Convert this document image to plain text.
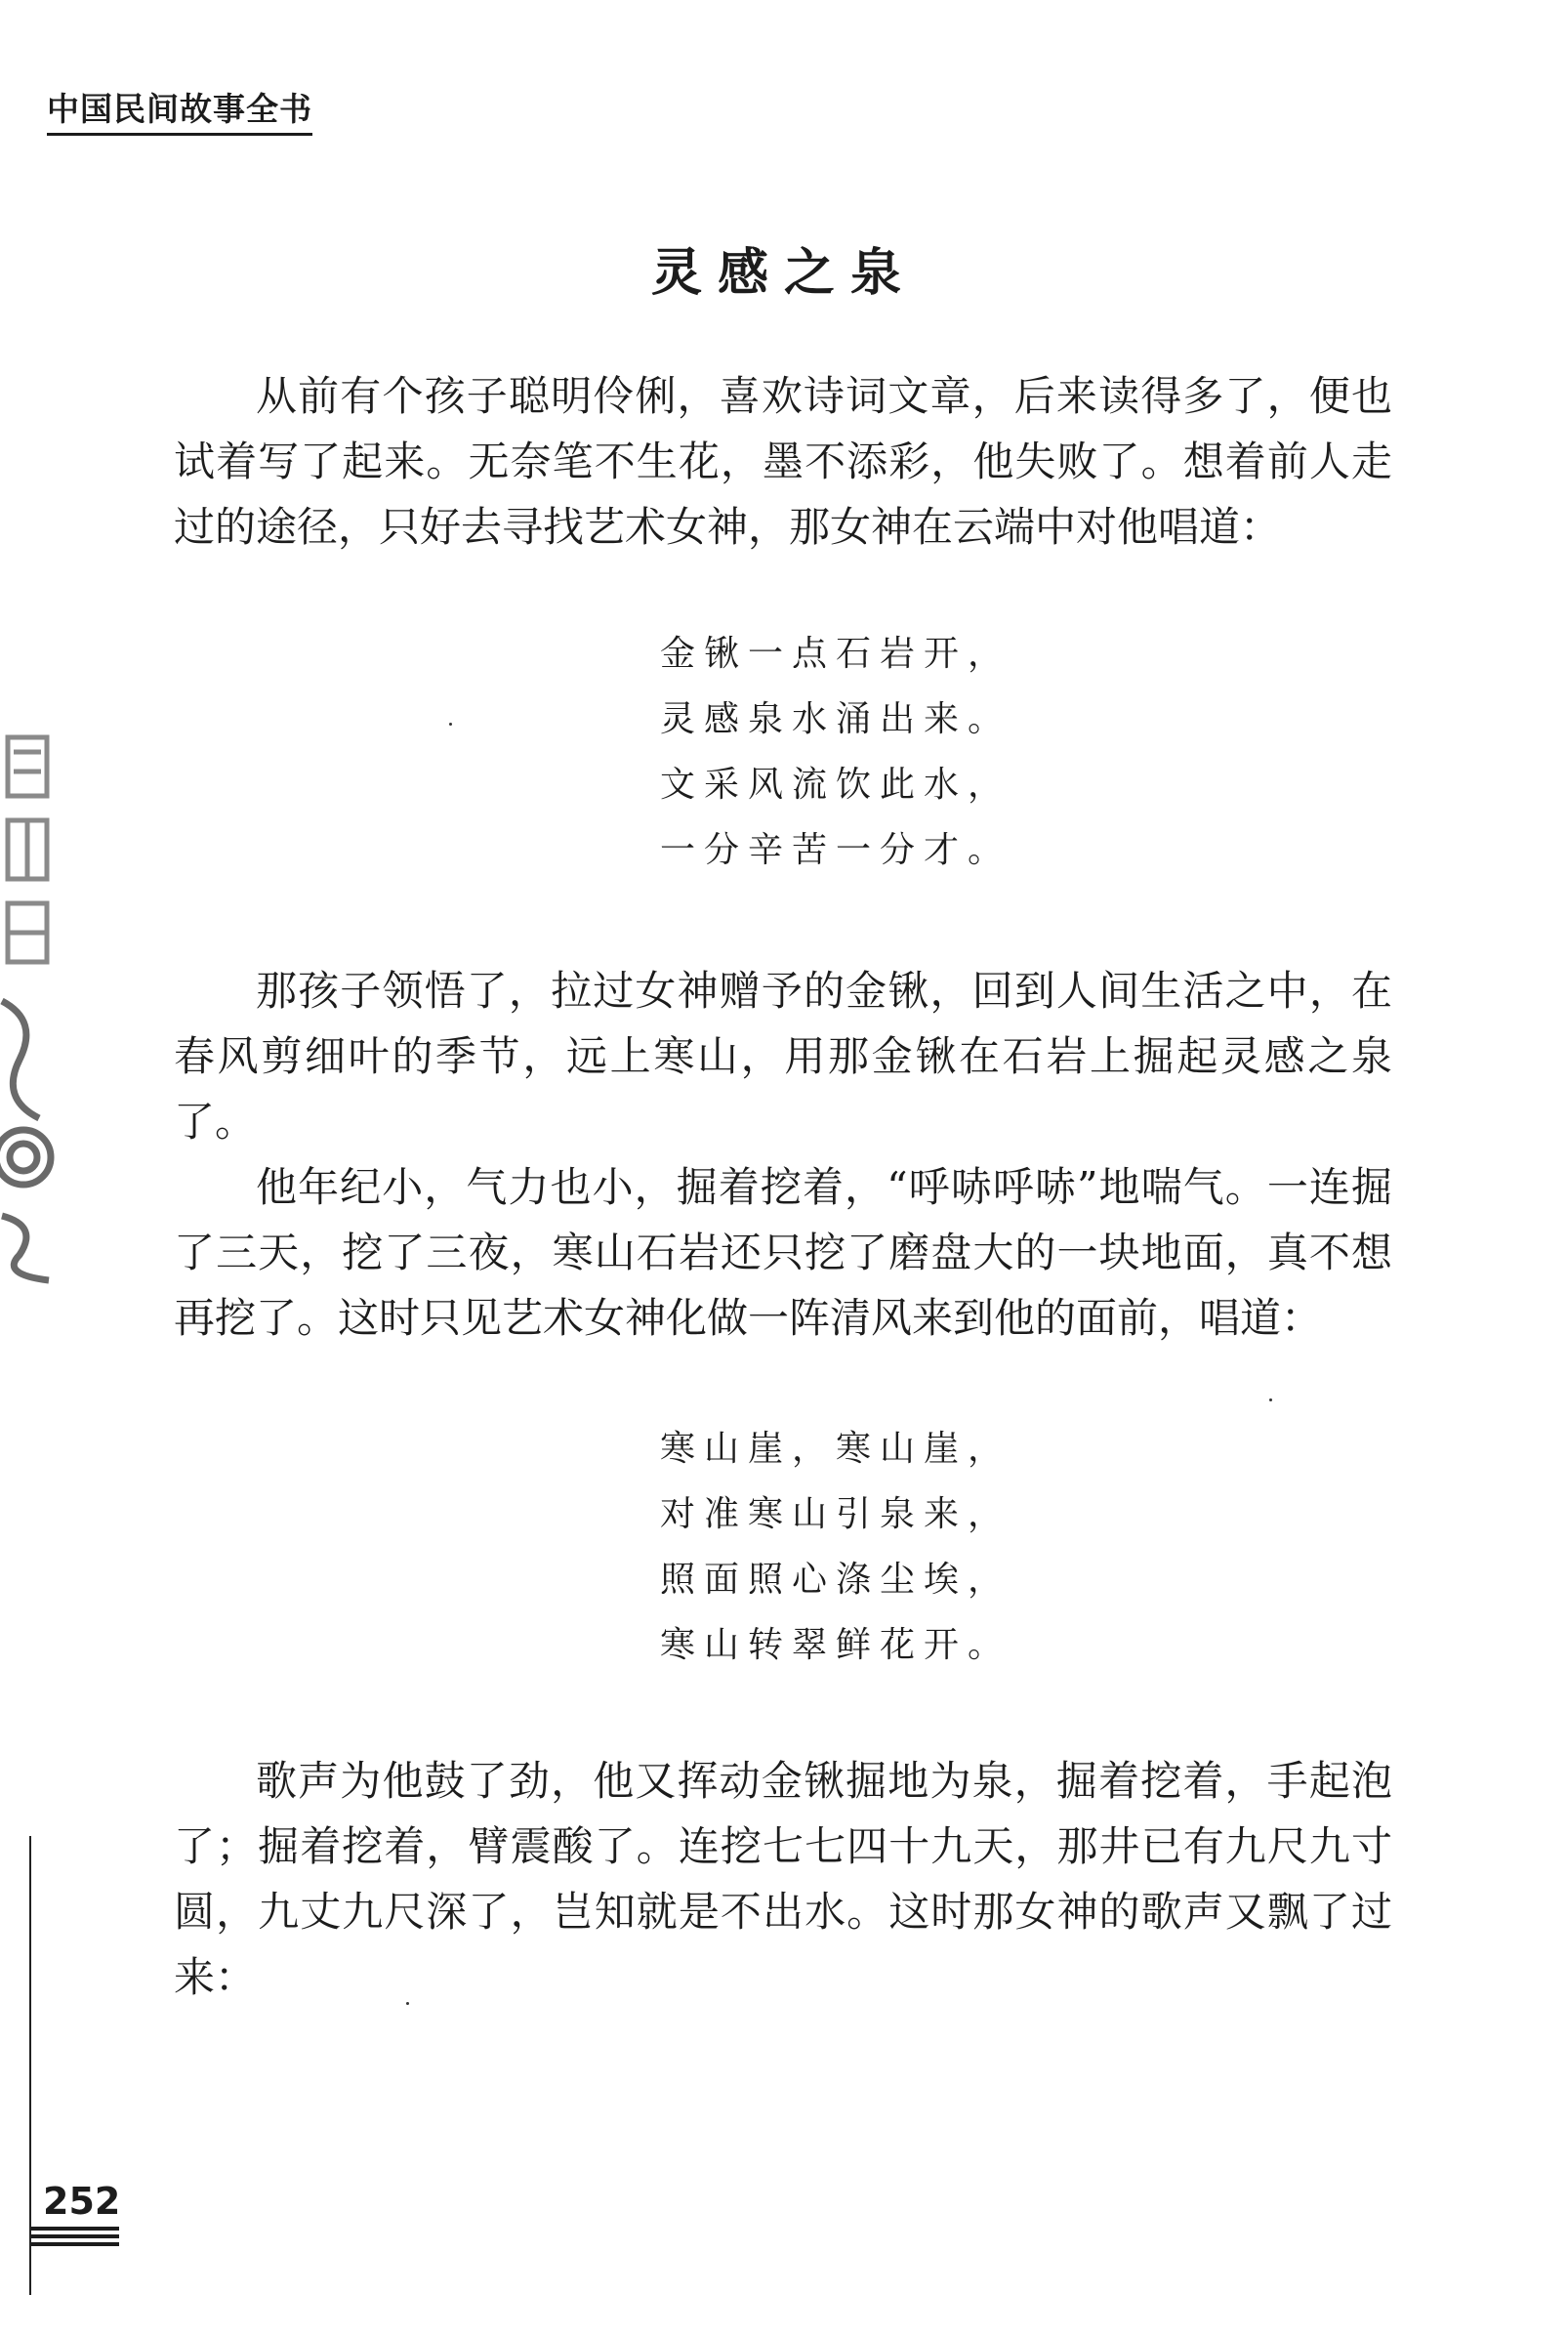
中国民间故事全书
灵感之泉

从前有个孩子聪明伶俐，喜欢诗词文章，后来读得多了，便也试着写了起来。无奈笔不生花，墨不添彩，他失败了。想着前人走过的途径，只好去寻找艺术女神，那女神在云端中对他唱道：

金锹一点石岩开，
灵感泉水涌出来。
文采风流饮此水，
一分辛苦一分才。

那孩子领悟了，拉过女神赠予的金锹，回到人间生活之中，在春风剪细叶的季节，远上寒山，用那金锹在石岩上掘起灵感之泉了。

他年纪小，气力也小，掘着挖着，“呼哧呼哧”地喘气。一连掘了三天，挖了三夜，寒山石岩还只挖了磨盘大的一块地面，真不想再挖了。这时只见艺术女神化做一阵清风来到他的面前，唱道：

寒山崖，寒山崖，
对准寒山引泉来，
照面照心涤尘埃，
寒山转翠鲜花开。

歌声为他鼓了劲，他又挥动金锹掘地为泉，掘着挖着，手起泡了；掘着挖着，臂震酸了。连挖七七四十九天，那井已有九尺九寸圆，九丈九尺深了，岂知就是不出水。这时那女神的歌声又飘了过来：

252
